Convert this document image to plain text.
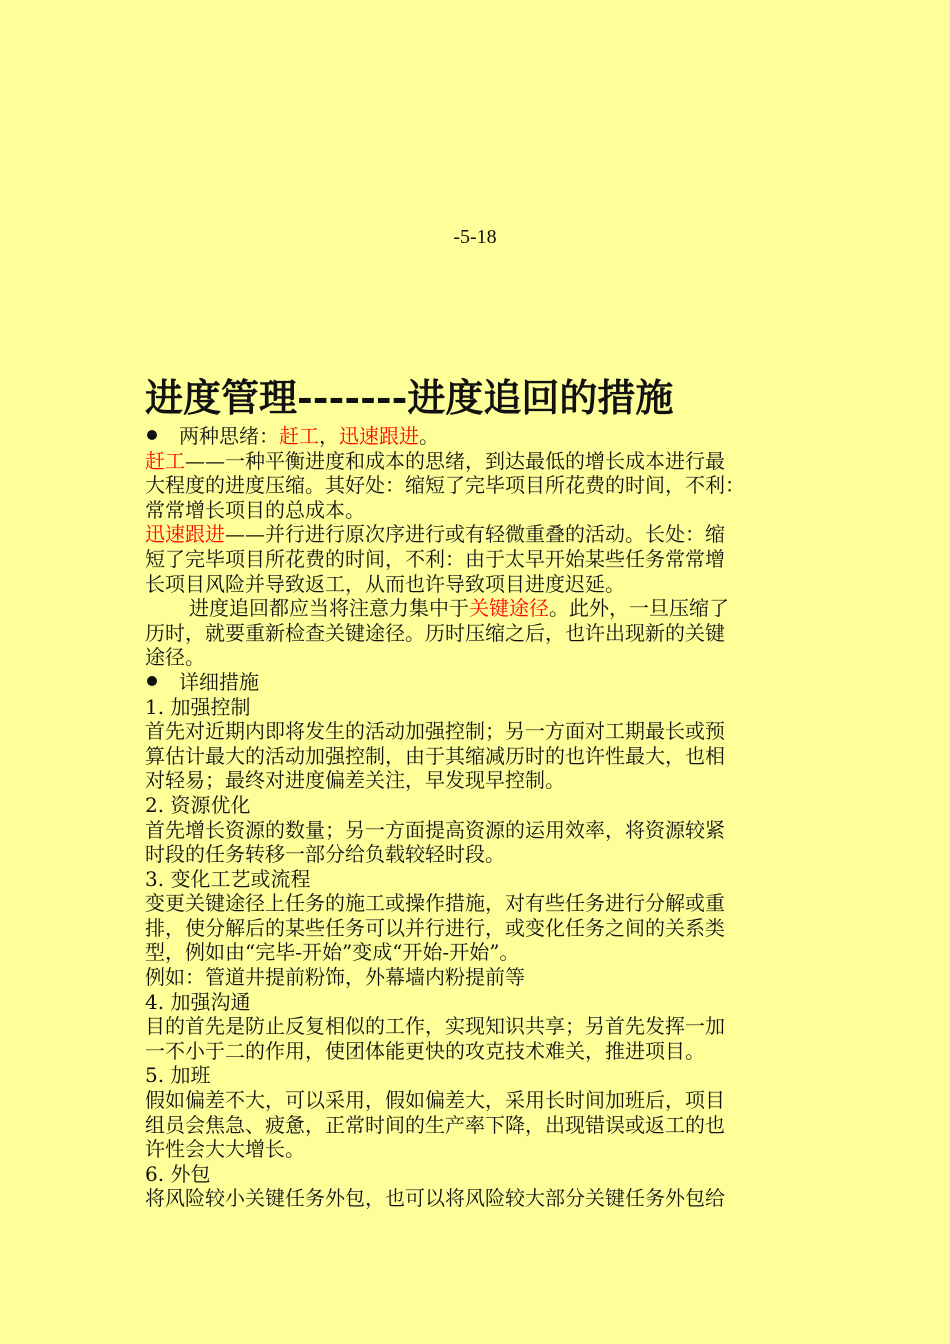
-5-18
进度管理-------进度追回的措施

两种思绪：赶工，迅速跟进。

赶工——一种平衡进度和成本的思绪，到达最低的增长成本进行最

大程度的进度压缩。其好处：缩短了完毕项目所花费的时间，不利：

常常增长项目的总成本。

迅速跟进——并行进行原次序进行或有轻微重叠的活动。长处：缩

短了完毕项目所花费的时间，不利：由于太早开始某些任务常常增

长项目风险并导致返工，从而也许导致项目进度迟延。

进度追回都应当将注意力集中于关键途径。此外，一旦压缩了

历时，就要重新检查关键途径。历时压缩之后，也许出现新的关键

途径。

详细措施

1. 加强控制

首先对近期内即将发生的活动加强控制；另一方面对工期最长或预

算估计最大的活动加强控制，由于其缩减历时的也许性最大，也相

对轻易；最终对进度偏差关注，早发现早控制。

2. 资源优化

首先增长资源的数量；另一方面提高资源的运用效率，将资源较紧

时段的任务转移一部分给负载较轻时段。

3. 变化工艺或流程

变更关键途径上任务的施工或操作措施，对有些任务进行分解或重

排，使分解后的某些任务可以并行进行，或变化任务之间的关系类

型，例如由“完毕-开始”变成“开始-开始”。

例如：管道井提前粉饰，外幕墙内粉提前等

4. 加强沟通

目的首先是防止反复相似的工作，实现知识共享；另首先发挥一加

一不小于二的作用，使团体能更快的攻克技术难关，推进项目。

5. 加班

假如偏差不大，可以采用，假如偏差大，采用长时间加班后，项目

组员会焦急、疲惫，正常时间的生产率下降，出现错误或返工的也

许性会大大增长。

6. 外包

将风险较小关键任务外包，也可以将风险较大部分关键任务外包给
